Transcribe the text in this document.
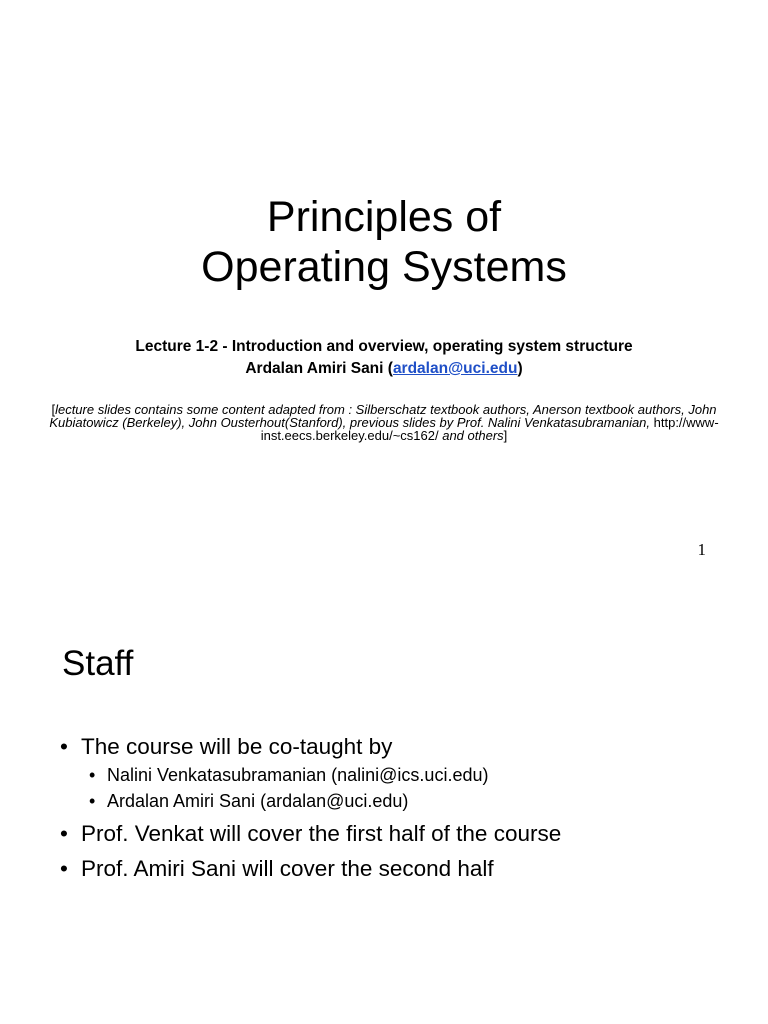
Principles of
Operating Systems
Lecture 1-2 - Introduction and overview, operating system structure
Ardalan Amiri Sani (ardalan@uci.edu)
[lecture slides contains some content adapted from : Silberschatz textbook authors, Anerson textbook authors, John Kubiatowicz (Berkeley), John Ousterhout(Stanford), previous slides by Prof. Nalini Venkatasubramanian, http://www-inst.eecs.berkeley.edu/~cs162/ and others]
1
Staff
• The course will be co-taught by
• Nalini Venkatasubramanian (nalini@ics.uci.edu)
• Ardalan Amiri Sani (ardalan@uci.edu)
• Prof. Venkat will cover the first half of the course
• Prof. Amiri Sani will cover the second half
